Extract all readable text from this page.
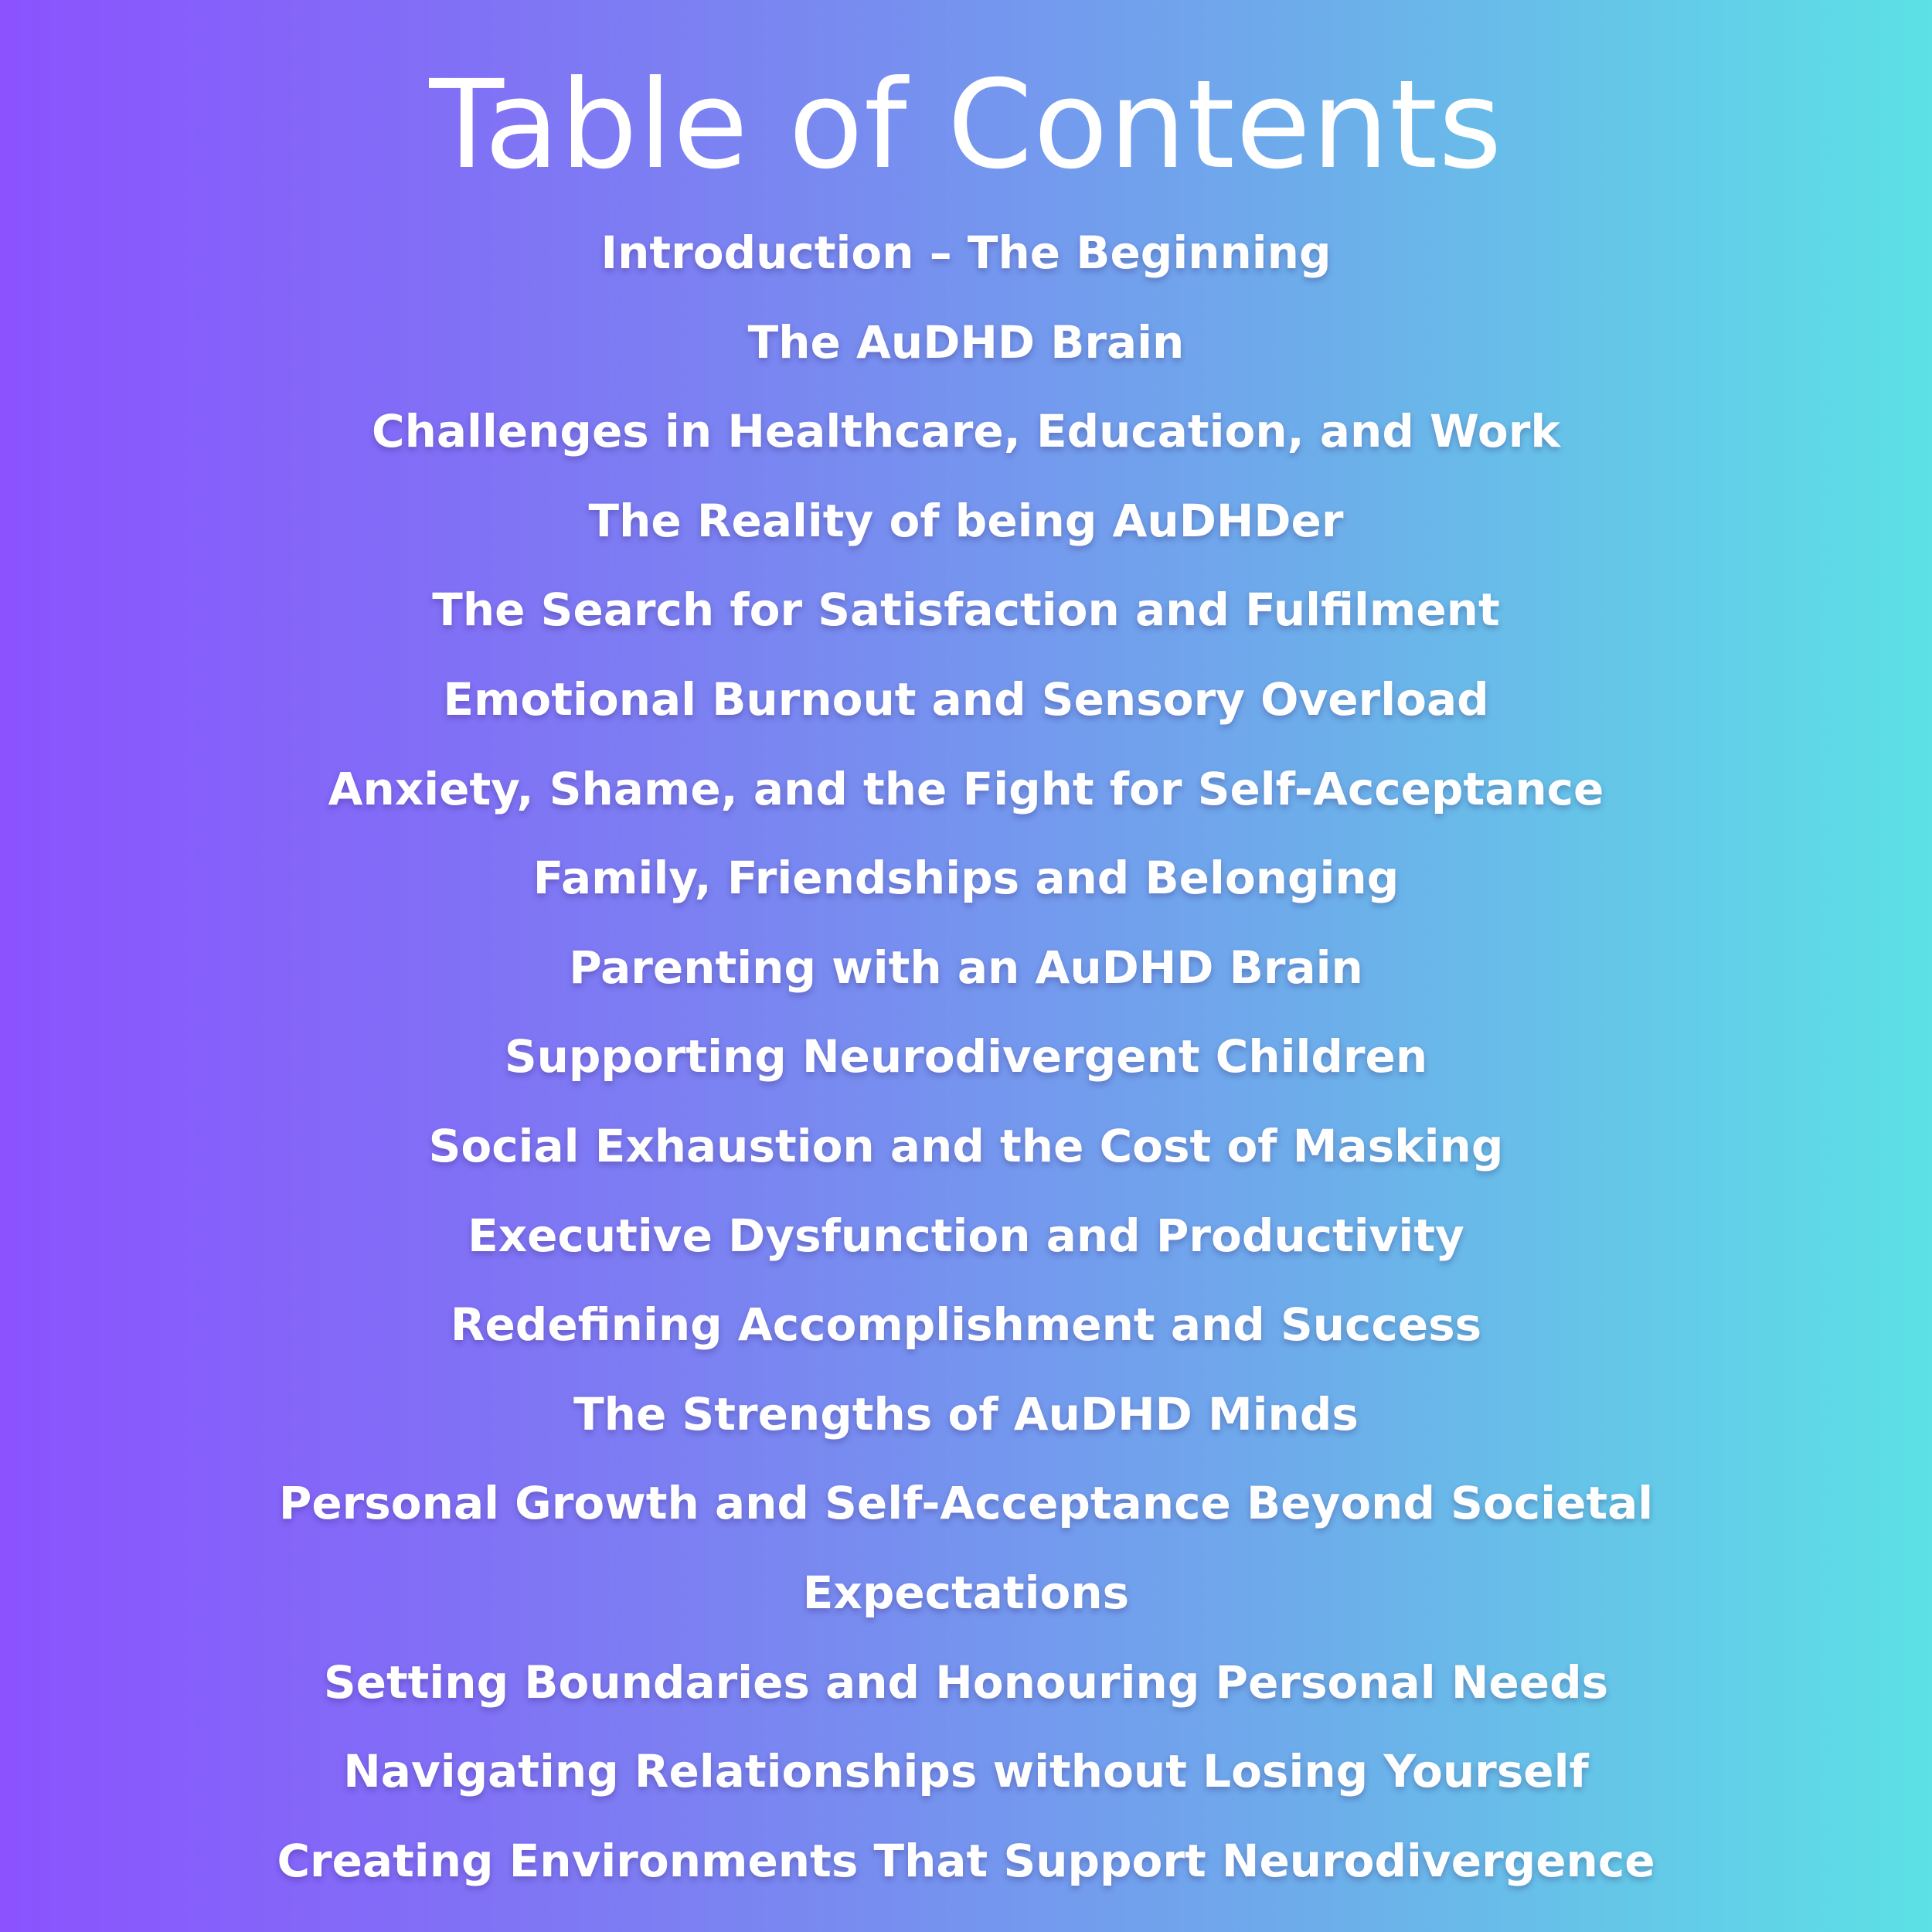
Table of Contents
Introduction – The Beginning
The AuDHD Brain
Challenges in Healthcare, Education, and Work
The Reality of being AuDHDer
The Search for Satisfaction and Fulfilment
Emotional Burnout and Sensory Overload
Anxiety, Shame, and the Fight for Self-Acceptance
Family, Friendships and Belonging
Parenting with an AuDHD Brain
Supporting Neurodivergent Children
Social Exhaustion and the Cost of Masking
Executive Dysfunction and Productivity
Redefining Accomplishment and Success
The Strengths of AuDHD Minds
Personal Growth and Self-Acceptance Beyond Societal
Expectations
Setting Boundaries and Honouring Personal Needs
Navigating Relationships without Losing Yourself
Creating Environments That Support Neurodivergence
